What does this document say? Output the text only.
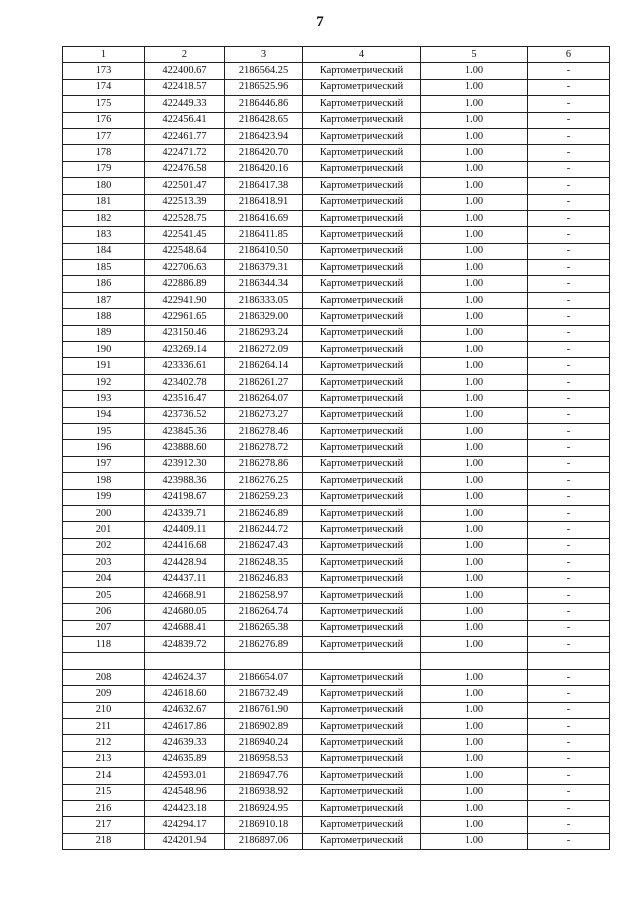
7
1	2	3	4	5	6
173	422400.67	2186564.25	Картометрический	1.00	-
174	422418.57	2186525.96	Картометрический	1.00	-
175	422449.33	2186446.86	Картометрический	1.00	-
176	422456.41	2186428.65	Картометрический	1.00	-
177	422461.77	2186423.94	Картометрический	1.00	-
178	422471.72	2186420.70	Картометрический	1.00	-
179	422476.58	2186420.16	Картометрический	1.00	-
180	422501.47	2186417.38	Картометрический	1.00	-
181	422513.39	2186418.91	Картометрический	1.00	-
182	422528.75	2186416.69	Картометрический	1.00	-
183	422541.45	2186411.85	Картометрический	1.00	-
184	422548.64	2186410.50	Картометрический	1.00	-
185	422706.63	2186379.31	Картометрический	1.00	-
186	422886.89	2186344.34	Картометрический	1.00	-
187	422941.90	2186333.05	Картометрический	1.00	-
188	422961.65	2186329.00	Картометрический	1.00	-
189	423150.46	2186293.24	Картометрический	1.00	-
190	423269.14	2186272.09	Картометрический	1.00	-
191	423336.61	2186264.14	Картометрический	1.00	-
192	423402.78	2186261.27	Картометрический	1.00	-
193	423516.47	2186264.07	Картометрический	1.00	-
194	423736.52	2186273.27	Картометрический	1.00	-
195	423845.36	2186278.46	Картометрический	1.00	-
196	423888.60	2186278.72	Картометрический	1.00	-
197	423912.30	2186278.86	Картометрический	1.00	-
198	423988.36	2186276.25	Картометрический	1.00	-
199	424198.67	2186259.23	Картометрический	1.00	-
200	424339.71	2186246.89	Картометрический	1.00	-
201	424409.11	2186244.72	Картометрический	1.00	-
202	424416.68	2186247.43	Картометрический	1.00	-
203	424428.94	2186248.35	Картометрический	1.00	-
204	424437.11	2186246.83	Картометрический	1.00	-
205	424668.91	2186258.97	Картометрический	1.00	-
206	424680.05	2186264.74	Картометрический	1.00	-
207	424688.41	2186265.38	Картометрический	1.00	-
118	424839.72	2186276.89	Картометрический	1.00	-

208	424624.37	2186654.07	Картометрический	1.00	-
209	424618.60	2186732.49	Картометрический	1.00	-
210	424632.67	2186761.90	Картометрический	1.00	-
211	424617.86	2186902.89	Картометрический	1.00	-
212	424639.33	2186940.24	Картометрический	1.00	-
213	424635.89	2186958.53	Картометрический	1.00	-
214	424593.01	2186947.76	Картометрический	1.00	-
215	424548.96	2186938.92	Картометрический	1.00	-
216	424423.18	2186924.95	Картометрический	1.00	-
217	424294.17	2186910.18	Картометрический	1.00	-
218	424201.94	2186897.06	Картометрический	1.00	-
